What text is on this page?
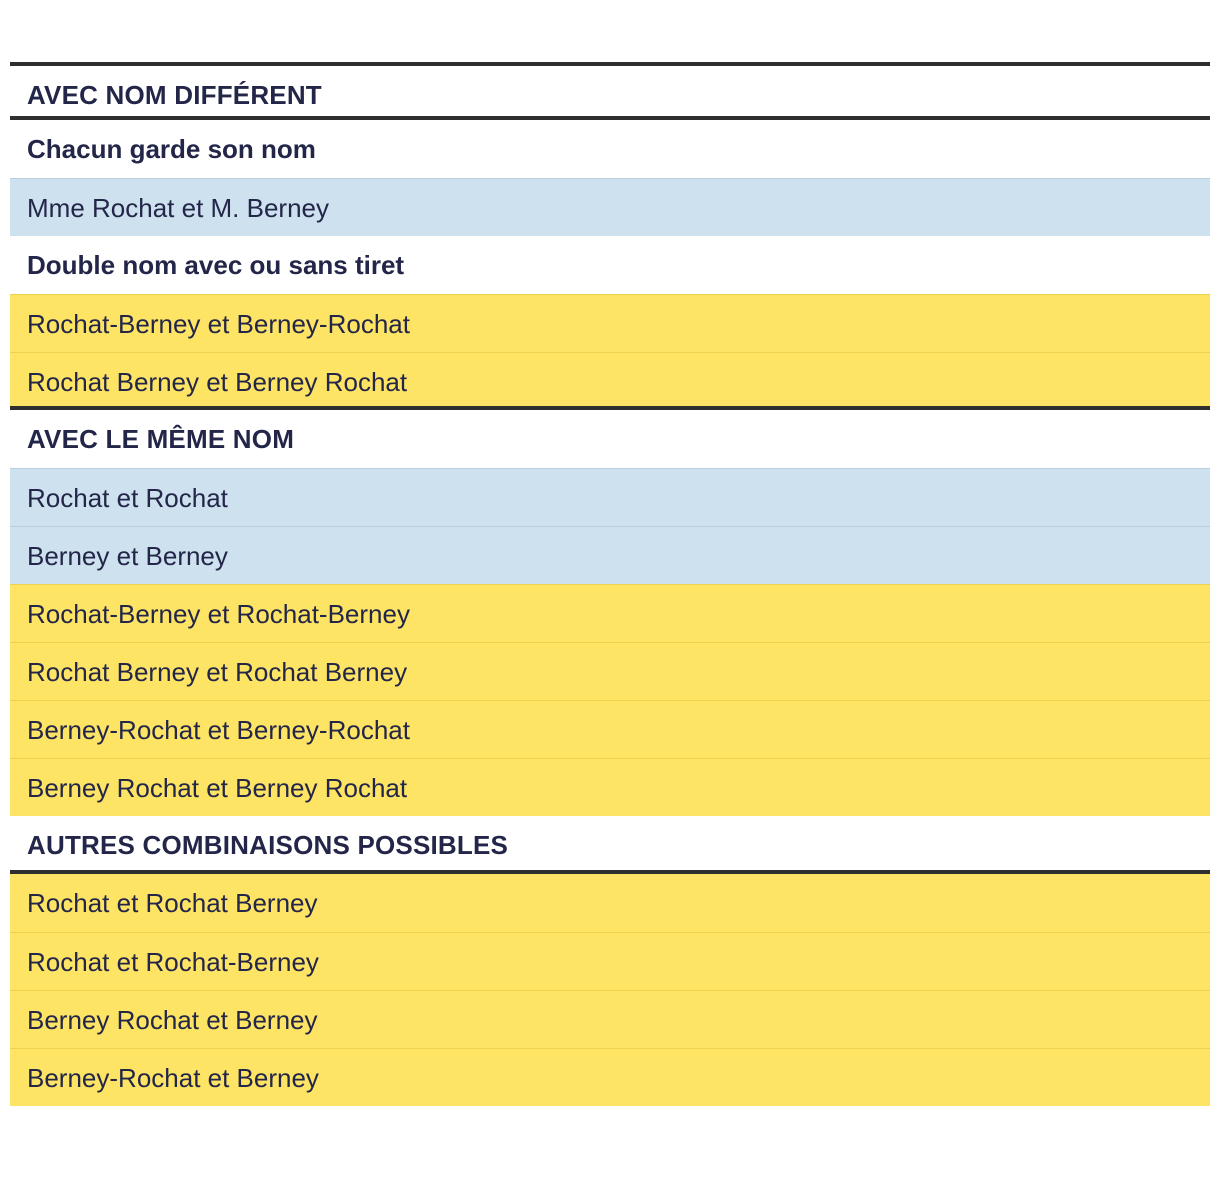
AVEC NOM DIFFÉRENT
Chacun garde son nom
Mme Rochat et M. Berney
Double nom avec ou sans tiret
Rochat-Berney et Berney-Rochat
Rochat Berney et Berney Rochat
AVEC LE MÊME NOM
Rochat et Rochat
Berney et Berney
Rochat-Berney et Rochat-Berney
Rochat Berney et Rochat Berney
Berney-Rochat et Berney-Rochat
Berney Rochat et Berney Rochat
AUTRES COMBINAISONS POSSIBLES
Rochat et Rochat Berney
Rochat et Rochat-Berney
Berney Rochat et Berney
Berney-Rochat et Berney
